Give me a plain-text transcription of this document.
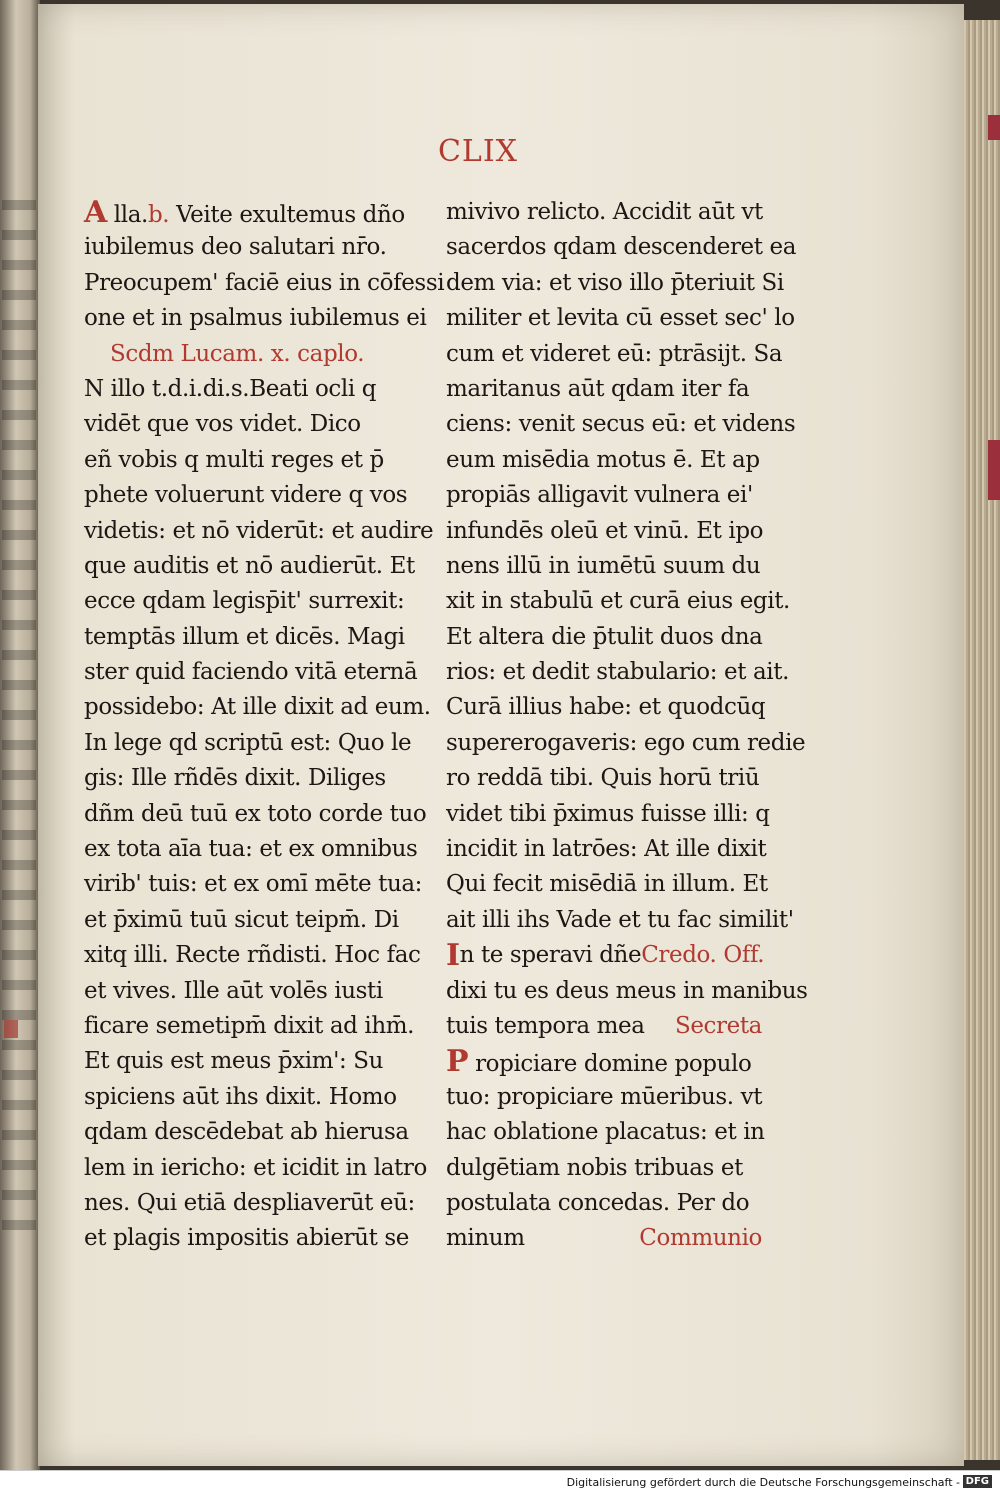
CLIX
A lla.b. Veite exultemus dño
iubilemus deo salutari nr̄o.
Preocupem' faciē eius in cōfessi
one et in psalmus iubilemus ei
Scdm Lucam. x. caplo.
N illo t.d.i.di.s.Beati ocli q
vidēt que vos videt. Dico
eñ vobis q multi reges et p̄
phete voluerunt videre q vos
videtis: et nō viderūt: et audire
que auditis et nō audierūt. Et
ecce qdam legisp̄it' surrexit:
temptās illum et dicēs. Magi
ster quid faciendo vitā eternā
possidebo: At ille dixit ad eum.
In lege qd scriptū est: Quo le
gis: Ille rñdēs dixit. Diliges
dñm deū tuū ex toto corde tuo
ex tota aīa tua: et ex omnibus
virib' tuis: et ex omī mēte tua:
et p̄ximū tuū sicut teipm̄. Di
xitq illi. Recte rñdisti. Hoc fac
et vives. Ille aūt volēs iusti
ficare semetipm̄ dixit ad ihm̄.
Et quis est meus p̄xim': Su
spiciens aūt ihs dixit. Homo
qdam descēdebat ab hierusa
lem in iericho: et icidit in latro
nes. Qui etiā despliaverūt eū:
et plagis impositis abierūt se
mivivo relicto. Accidit aūt vt
sacerdos qdam descenderet ea
dem via: et viso illo p̄teriuit Si
militer et levita cū esset sec' lo
cum et videret eū: ptrāsijt. Sa
maritanus aūt qdam iter fa
ciens: venit secus eū: et videns
eum misēdia motus ē. Et ap
propiās alligavit vulnera ei'
infundēs oleū et vinū. Et ipo
nens illū in iumētū suum du
xit in stabulū et curā eius egit.
Et altera die p̄tulit duos dna
rios: et dedit stabulario: et ait.
Curā illius habe: et quodcūq
supererogaveris: ego cum redie
ro reddā tibi. Quis horū triū
videt tibi p̄ximus fuisse illi: q
incidit in latrōes: At ille dixit
Qui fecit misēdiā in illum. Et
ait illi ihs Vade et tu fac similit'
I n te speravi dñe Credo. Off.
dixi tu es deus meus in manibus
tuis tempora mea Secreta
P ropiciare domine populo
tuo: propiciare mūeribus. vt
hac oblatione placatus: et in
dulgētiam nobis tribuas et
postulata concedas. Per do
minum	Communio
Digitalisierung gefördert durch die Deutsche Forschungsgemeinschaft - DFG
